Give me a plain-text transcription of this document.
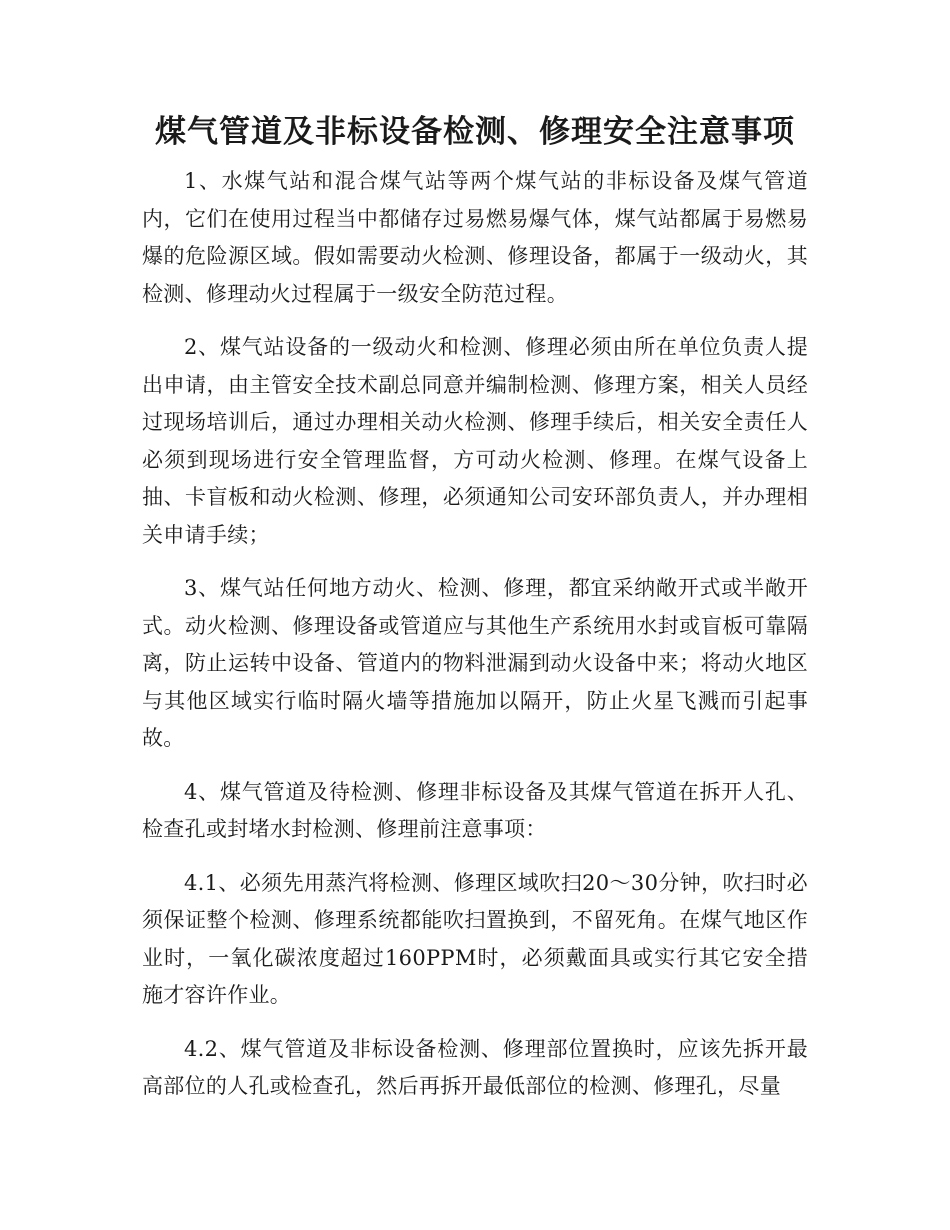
煤气管道及非标设备检测、修理安全注意事项

1、水煤气站和混合煤气站等两个煤气站的非标设备及煤气管道内，它们在使用过程当中都储存过易燃易爆气体，煤气站都属于易燃易爆的危险源区域。假如需要动火检测、修理设备，都属于一级动火，其检测、修理动火过程属于一级安全防范过程。

2、煤气站设备的一级动火和检测、修理必须由所在单位负责人提出申请，由主管安全技术副总同意并编制检测、修理方案，相关人员经过现场培训后，通过办理相关动火检测、修理手续后，相关安全责任人必须到现场进行安全管理监督，方可动火检测、修理。在煤气设备上抽、卡盲板和动火检测、修理，必须通知公司安环部负责人，并办理相关申请手续；

3、煤气站任何地方动火、检测、修理，都宜采纳敞开式或半敞开式。动火检测、修理设备或管道应与其他生产系统用水封或盲板可靠隔离，防止运转中设备、管道内的物料泄漏到动火设备中来；将动火地区与其他区域实行临时隔火墙等措施加以隔开，防止火星飞溅而引起事故。

4、煤气管道及待检测、修理非标设备及其煤气管道在拆开人孔、检查孔或封堵水封检测、修理前注意事项：

4.1、必须先用蒸汽将检测、修理区域吹扫20～30分钟，吹扫时必须保证整个检测、修理系统都能吹扫置换到，不留死角。在煤气地区作业时，一氧化碳浓度超过160PPM时，必须戴面具或实行其它安全措施才容许作业。

4.2、煤气管道及非标设备检测、修理部位置换时，应该先拆开最高部位的人孔或检查孔，然后再拆开最低部位的检测、修理孔，尽量
